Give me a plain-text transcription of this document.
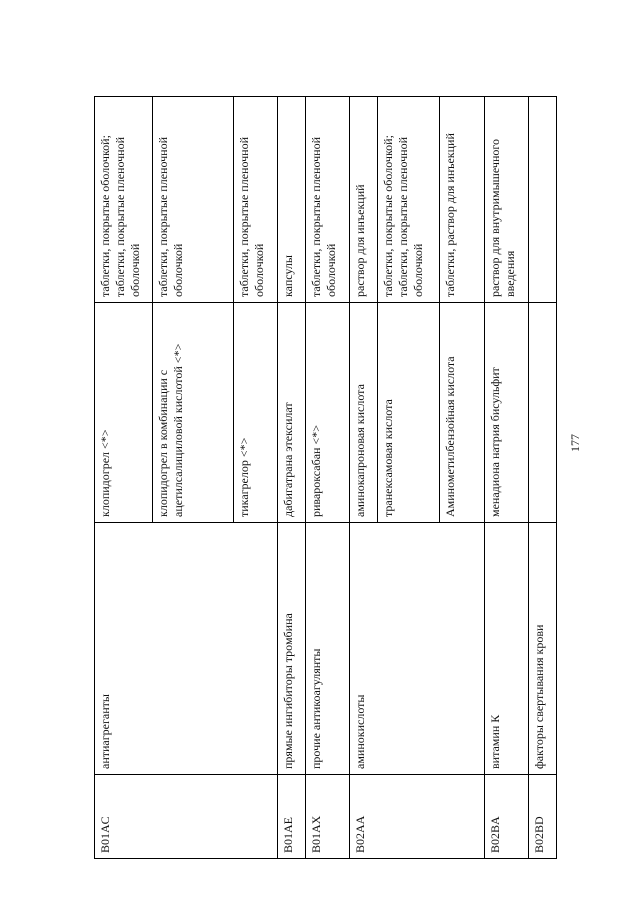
B01AC	антиагреганты	клопидогрел <*>	таблетки, покрытые оболочкой; таблетки, покрытые пленочной оболочкой
		клопидогрел в комбинации с ацетилсалициловой кислотой <*>	таблетки, покрытые пленочной оболочкой
		тикагрелор <*>	таблетки, покрытые пленочной оболочкой
B01AE	прямые ингибиторы тромбина	дабигатрана этексилат	капсулы
B01AX	прочие антикоагулянты	ривароксабан <*>	таблетки, покрытые пленочной оболочкой
B02AA	аминокислоты	аминокапроновая кислота	раствор для инъекций
		транексамовая кислота	таблетки, покрытые оболочкой; таблетки, покрытые пленочной оболочкой
		Аминометилбензойная кислота	таблетки, раствор для инъекций
B02BA	витамин К	менадиона натрия бисульфит	раствор для внутримышечного введения
B02BD	факторы свертывания крови		
177
